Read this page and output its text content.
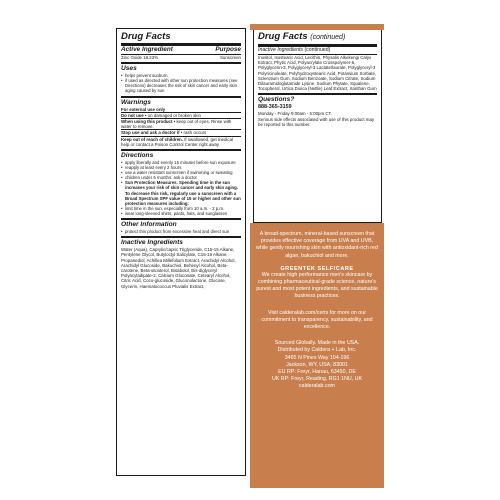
Drug Facts
Active Ingredient	Purpose
Zinc Oxide 18.23%	Sunscreen
Uses
• helps prevent sunburn
• if used as directed with other sun protection measures (see Directions) decreases the risk of skin cancer and early skin aging caused by sun
Warnings
For external use only
Do not use • on damaged or broken skin
When using this product • keep out of eyes. Rinse with water to remove.
Stop use and ask a doctor if • rash occurs
Keep out of reach of children. If swallowed, get medical help or contact a Poison Control Center right away
Directions
• apply liberally and evenly 15 minutes before sun exposure
• reapply at least every 2 hours
• use a water resistant sunscreen if swimming or sweating
• children under 6 months: ask a doctor
• Sun Protection Measures. Spending time in the sun increases your risk of skin cancer and early skin aging. To decrease this risk, regularly use a sunscreen with a Broad Spectrum SPF value of 15 or higher and other sun protection measures including:
• limit time in the sun, especially from 10 a.m. - 2 p.m.
• wear long-sleeved shirts, pants, hats, and sunglasses
Other Information
• protect this product from excessive heat and direct sun
Inactive Ingredients
Water (Aqua), Caprylic/capric Triglyceride, C15-15 Alkane, Pentylene Glycol, Butyloctyl Salicylate, C15-19 Alkane, Propanediol, Achillea Millefolium Extract, Arachidyl Alcohol, Arachidyl Glucoside, Bakuchiol, Behenyl Alcohol, Beta-carotene, Beta-sitosterol, Bisabolol, Bis-diglyceryl Polyacyladipate-2, Calcium Gluconate, Cetearyl Alcohol, Citric Acid, Coco-glucoside, Gluconolactone, Glucose, Glycerin, Haematococcus Pluvialis Extract,
Drug Facts (continued)
Inactive Ingredients (continued)
Inositol, Isostearic Acid, Lecithin, Physalis Alkekengi Calyx Extract, Phytic Acid, Polyacrylate Crosspolymer-6, Polyglycerin-3, Polyglyceryl-3 Lactate/laurate, Polyglyceryl-3 Polyricinoleate, Polyhydroxystearic Acid, Potassium Sorbate, Sclerotium Gum, Sodium Benzoate, Sodium Citrate, Sodium Dilauramidoglutamide Lysine, Sodium Phytate, Squalene, Tocopherol, Urtica Dioica (Nettle) Leaf Extract, Xanthan Gum
Questions?
888-365-3159
Monday - Friday 9:00am - 5:00pm CT.
Serious side effects associated with use of this product may be reported to this number.

A broad-spectrum, mineral-based sunscreen that provides effective coverage from UVA and UVB, while gently nourishing skin with antioxidant-rich red algae, bakuchiol and more.

GREENTEK SELF/CARE

We create high performance men's skincare by combining pharmaceutical-grade science, nature's purest and most potent ingredients, and sustainable business practices.

Visit calderalab.com/certs for more on our commitment to transparency, sustainability, and excellence.

Sourced Globally. Made in the USA.

Distributed by Caldera + Lab, Inc.

3465 N Pines Way 104-196

Jackson, WY, USA, 83001

EU RP: Freyr, Hanau, 63450, DE

UK RP: Freyr, Reading, RG1 1NU, UK

calderalab.com
